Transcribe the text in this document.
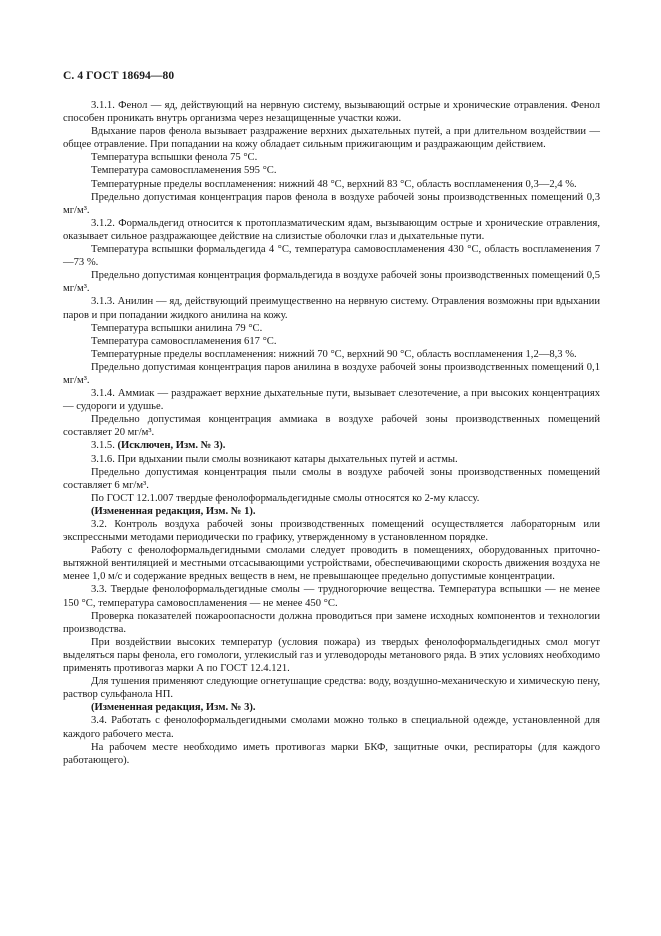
С. 4 ГОСТ 18694—80

3.1.1. Фенол — яд, действующий на нервную систему, вызывающий острые и хронические отравления. Фенол способен проникать внутрь организма через незащищенные участки кожи.

Вдыхание паров фенола вызывает раздражение верхних дыхательных путей, а при длительном воздействии — общее отравление. При попадании на кожу обладает сильным прижигающим и раздражающим действием.

Температура вспышки фенола 75 °С.

Температура самовоспламенения 595 °С.

Температурные пределы воспламенения: нижний 48 °С, верхний 83 °С, область воспламенения 0,3—2,4 %.

Предельно допустимая концентрация паров фенола в воздухе рабочей зоны производственных помещений 0,3 мг/м³.

3.1.2. Формальдегид относится к протоплазматическим ядам, вызывающим острые и хронические отравления, оказывает сильное раздражающее действие на слизистые оболочки глаз и дыхательные пути.

Температура вспышки формальдегида 4 °С, температура самовоспламенения 430 °С, область воспламенения 7—73 %.

Предельно допустимая концентрация формальдегида в воздухе рабочей зоны производственных помещений 0,5 мг/м³.

3.1.3. Анилин — яд, действующий преимущественно на нервную систему. Отравления возможны при вдыхании паров и при попадании жидкого анилина на кожу.

Температура вспышки анилина 79 °С.

Температура самовоспламенения 617 °С.

Температурные пределы воспламенения: нижний 70 °С, верхний 90 °С, область воспламенения 1,2—8,3 %.

Предельно допустимая концентрация паров анилина в воздухе рабочей зоны производственных помещений 0,1 мг/м³.

3.1.4. Аммиак — раздражает верхние дыхательные пути, вызывает слезотечение, а при высоких концентрациях — судороги и удушье.

Предельно допустимая концентрация аммиака в воздухе рабочей зоны производственных помещений составляет 20 мг/м³.

3.1.5. (Исключен, Изм. № 3).

3.1.6. При вдыхании пыли смолы возникают катары дыхательных путей и астмы.

Предельно допустимая концентрация пыли смолы в воздухе рабочей зоны производственных помещений составляет 6 мг/м³.

По ГОСТ 12.1.007 твердые фенолоформальдегидные смолы относятся ко 2-му классу.

(Измененная редакция, Изм. № 1).

3.2. Контроль воздуха рабочей зоны производственных помещений осуществляется лабораторным или экспрессными методами периодически по графику, утвержденному в установленном порядке.

Работу с фенолоформальдегидными смолами следует проводить в помещениях, оборудованных приточно-вытяжной вентиляцией и местными отсасывающими устройствами, обеспечивающими скорость движения воздуха не менее 1,0 м/с и содержание вредных веществ в нем, не превышающее предельно допустимые концентрации.

3.3. Твердые фенолоформальдегидные смолы — трудногорючие вещества. Температура вспышки — не менее 150 °С, температура самовоспламенения — не менее 450 °С.

Проверка показателей пожароопасности должна проводиться при замене исходных компонентов и технологии производства.

При воздействии высоких температур (условия пожара) из твердых фенолоформальдегидных смол могут выделяться пары фенола, его гомологи, углекислый газ и углеводороды метанового ряда. В этих условиях необходимо применять противогаз марки А по ГОСТ 12.4.121.

Для тушения применяют следующие огнетушащие средства: воду, воздушно-механическую и химическую пену, раствор сульфанола НП.

(Измененная редакция, Изм. № 3).

3.4. Работать с фенолоформальдегидными смолами можно только в специальной одежде, установленной для каждого рабочего места.

На рабочем месте необходимо иметь противогаз марки БКФ, защитные очки, респираторы (для каждого работающего).
